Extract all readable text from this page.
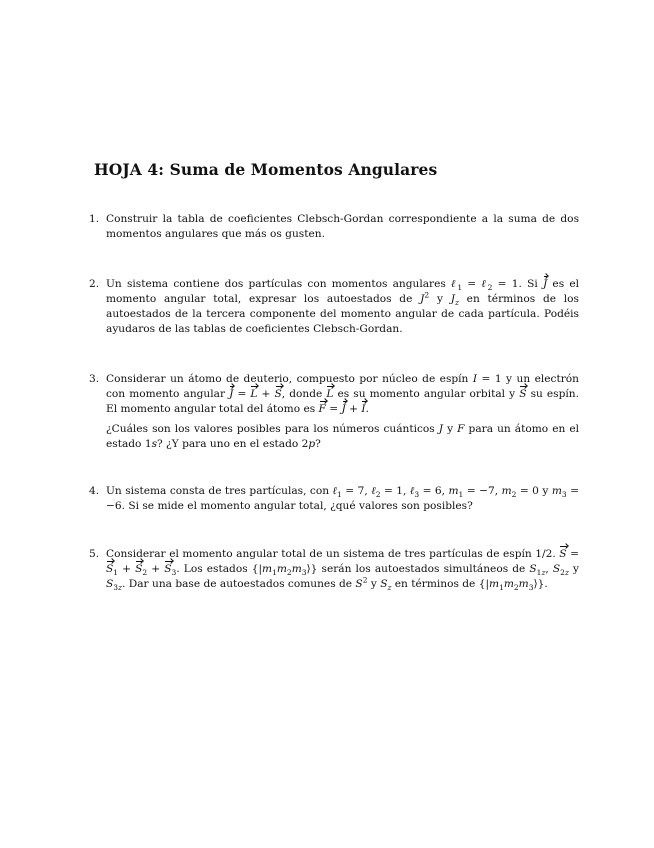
HOJA 4: Suma de Momentos Angulares
1. Construir la tabla de coeficientes Clebsch-Gordan correspondiente a la suma de dos momentos angulares que más os gusten.

2. Un sistema contiene dos partículas con momentos angulares ℓ$_1$ = ℓ$_2$ = 1. Si J es el momento angular total, expresar los autoestados de $J^2$ y $J_z$ en términos de los autoestados de la tercera componente del momento angular de cada partícula. Podéis ayudaros de las tablas de coeficientes Clebsch-Gordan.

3. Considerar un átomo de deuterio, compuesto por núcleo de espín I = 1 y un electrón con momento angular J = L + S, donde L es su momento angular orbital y S su espín. El momento angular total del átomo es F = J + I.

¿Cuáles son los valores posibles para los números cuánticos J y F para un átomo en el estado 1s? ¿Y para uno en el estado 2p?

4. Un sistema consta de tres partículas, con ℓ$_1$ = 7, ℓ$_2$ = 1, ℓ$_3$ = 6, $m_1 = -7$, $m_2 = 0$ y $m_3 = -6$. Si se mide el momento angular total, ¿qué valores son posibles?

5. Considerar el momento angular total de un sistema de tres partículas de espín 1/2. $S = S_1 + S_2 + S_3$. Los estados $\{|m_1m_2m_3⟩\}$ serán los autoestados simultáneos de $S_{1z}$, $S_{2z}$ y $S_{3z}$. Dar una base de autoestados comunes de $S^2$ y $S_z$ en términos de $\{|m_1m_2m_3⟩\}$.
